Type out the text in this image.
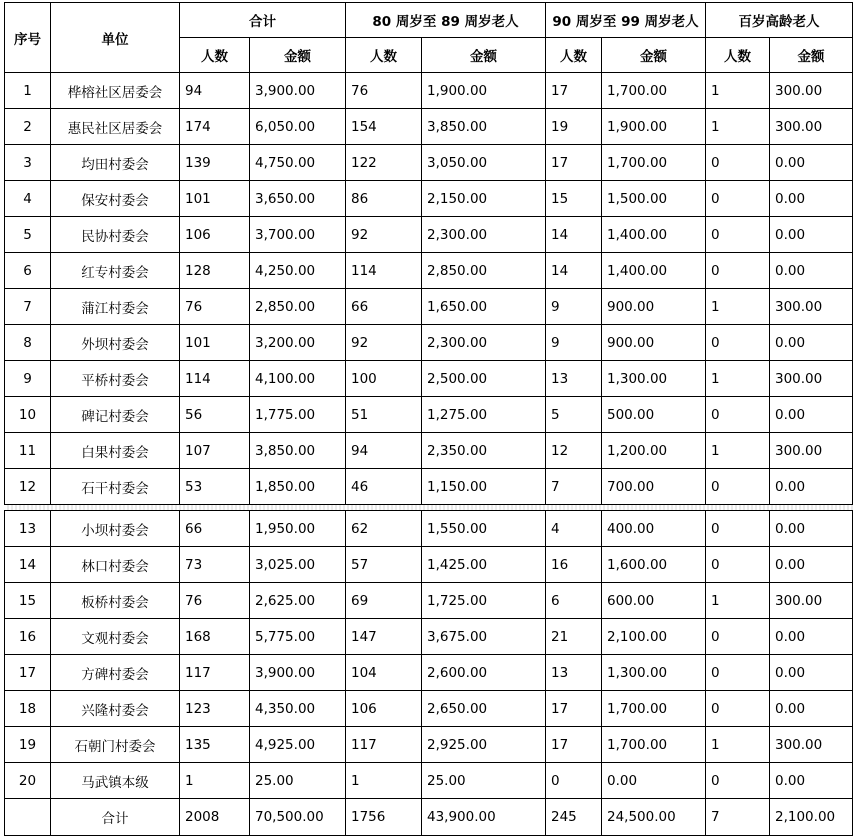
序号	单位	合计		80 周岁至 89 周岁老人		90 周岁至 99 周岁老人		百岁高龄老人	
		人数	金额	人数	金额	人数	金额	人数	金额
1	桦榕社区居委会	94	3,900.00	76	1,900.00	17	1,700.00	1	300.00
2	惠民社区居委会	174	6,050.00	154	3,850.00	19	1,900.00	1	300.00
3	均田村委会	139	4,750.00	122	3,050.00	17	1,700.00	0	0.00
4	保安村委会	101	3,650.00	86	2,150.00	15	1,500.00	0	0.00
5	民协村委会	106	3,700.00	92	2,300.00	14	1,400.00	0	0.00
6	红专村委会	128	4,250.00	114	2,850.00	14	1,400.00	0	0.00
7	蒲江村委会	76	2,850.00	66	1,650.00	9	900.00	1	300.00
8	外坝村委会	101	3,200.00	92	2,300.00	9	900.00	0	0.00
9	平桥村委会	114	4,100.00	100	2,500.00	13	1,300.00	1	300.00
10	碑记村委会	56	1,775.00	51	1,275.00	5	500.00	0	0.00
11	白果村委会	107	3,850.00	94	2,350.00	12	1,200.00	1	300.00
12	石干村委会	53	1,850.00	46	1,150.00	7	700.00	0	0.00

13	小坝村委会	66	1,950.00	62	1,550.00	4	400.00	0	0.00
14	林口村委会	73	3,025.00	57	1,425.00	16	1,600.00	0	0.00
15	板桥村委会	76	2,625.00	69	1,725.00	6	600.00	1	300.00
16	文观村委会	168	5,775.00	147	3,675.00	21	2,100.00	0	0.00
17	方碑村委会	117	3,900.00	104	2,600.00	13	1,300.00	0	0.00
18	兴隆村委会	123	4,350.00	106	2,650.00	17	1,700.00	0	0.00
19	石朝门村委会	135	4,925.00	117	2,925.00	17	1,700.00	1	300.00
20	马武镇本级	1	25.00	1	25.00	0	0.00	0	0.00
	合计	2008	70,500.00	1756	43,900.00	245	24,500.00	7	2,100.00
